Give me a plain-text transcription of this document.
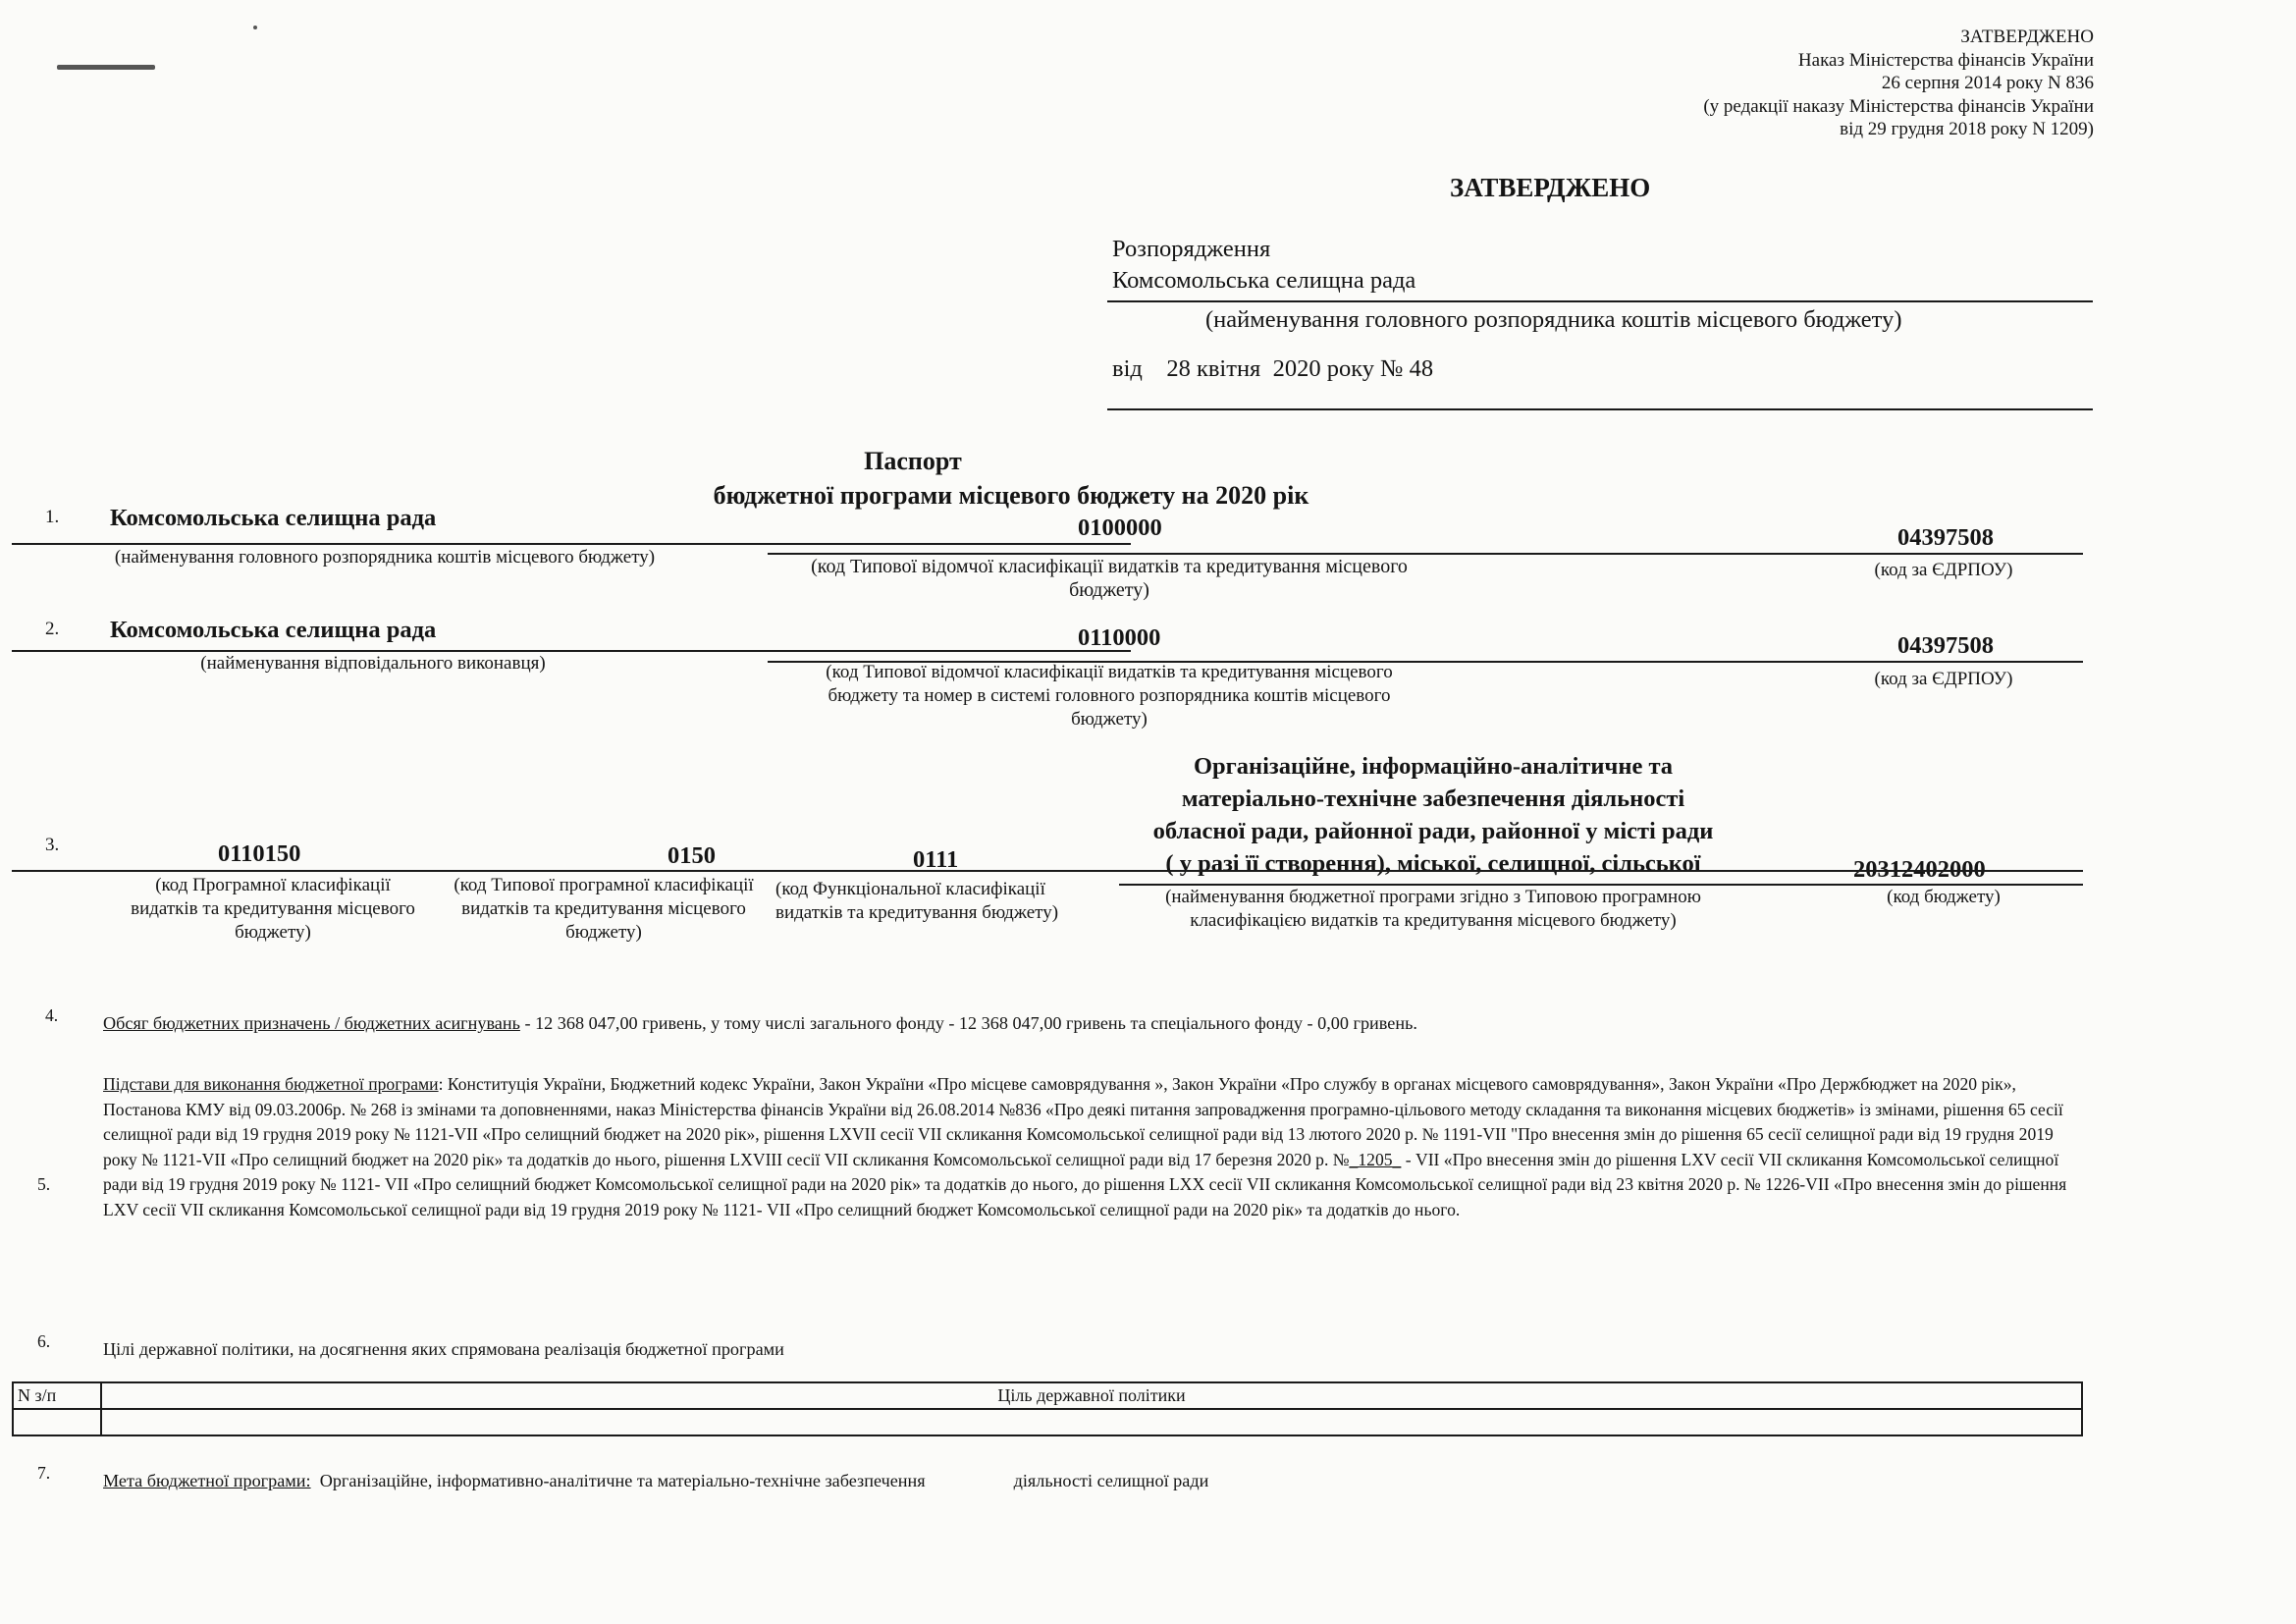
ЗАТВЕРДЖЕНО
Наказ Міністерства фінансів України
26 серпня 2014 року N 836
(у редакції наказу Міністерства фінансів України
від 29 грудня 2018 року N 1209)
ЗАТВЕРДЖЕНО
Розпорядження
Комсомольська селищна рада
(найменування головного розпорядника коштів місцевого бюджету)
від    28 квітня  2020 року № 48
Паспорт
бюджетної програми місцевого бюджету на 2020 рік
1. Комсомольська селищна рада	0100000	04397508
(найменування головного розпорядника коштів місцевого бюджету)	(код Типової відомчої класифікації видатків та кредитування місцевого бюджету)
(код за ЄДРПОУ)
2. Комсомольська селищна рада	0110000	04397508
(найменування відповідального виконавця)	(код Типової відомчої класифікації видатків та кредитування місцевого бюджету та номер в системі головного розпорядника коштів місцевого бюджету)
(код за ЄДРПОУ)
3.	0110150	0150	0111
Організаційне, інформаційно-аналітичне та
матеріально-технічне забезпечення діяльності
обласної ради, районної ради, районної у місті ради
( у разі її створення), міської, селищної, сільської	20312402000
(код Програмної класифікації видатків та кредитування місцевого бюджету)
(код Типової програмної класифікації видатків та кредитування місцевого бюджету)
(код Функціональної класифікації видатків та кредитування бюджету)
(найменування бюджетної програми згідно з Типовою програмною класифікацією видатків та кредитування місцевого бюджету)
(код бюджету)
4.	Обсяг бюджетних призначень / бюджетних асигнувань - 12 368 047,00 гривень, у тому числі загального фонду - 12 368 047,00 гривень та спеціального фонду - 0,00 гривень.
5.
Підстави для виконання бюджетної програми: Конституція України, Бюджетний кодекс України, Закон України «Про місцеве самоврядування », Закон України «Про службу в органах місцевого самоврядування», Закон України «Про Держбюджет на 2020 рік», Постанова КМУ від 09.03.2006р. № 268 із змінами та доповненнями, наказ Міністерства фінансів України від 26.08.2014 №836 «Про деякі питання запровадження програмно-цільового методу складання та виконання місцевих бюджетів» із змінами, рішення 65 сесії селищної ради від 19 грудня 2019 року № 1121-VII «Про селищний бюджет на 2020 рік», рішення LXVII сесії VII скликання Комсомольської селищної ради від 13 лютого 2020 р. № 1191-VII "Про внесення змін до рішення 65 сесії селищної ради від 19 грудня 2019 року № 1121-VII «Про селищний бюджет на 2020 рік» та додатків до нього, рішення LXVIII сесії VII скликання Комсомольської селищної ради від 17 березня 2020 р. №_1205_ - VII «Про внесення змін до рішення LXV сесії VII скликання Комсомольської селищної ради від 19 грудня 2019 року № 1121- VII «Про селищний бюджет Комсомольської селищної ради на 2020 рік» та додатків до нього, до рішення LXX сесії VII скликання Комсомольської селищної ради від 23 квітня 2020 р. № 1226-VII «Про внесення змін до рішення LXV сесії VII скликання Комсомольської селищної ради від 19 грудня 2019 року № 1121- VII «Про селищний бюджет Комсомольської селищної ради на 2020 рік» та додатків до нього.
6.	Цілі державної політики, на досягнення яких спрямована реалізація бюджетної програми
N з/п	Ціль державної політики

7.	Мета бюджетної програми: Організаційне, інформативно-аналітичне та матеріально-технічне забезпечення	діяльності селищної ради
